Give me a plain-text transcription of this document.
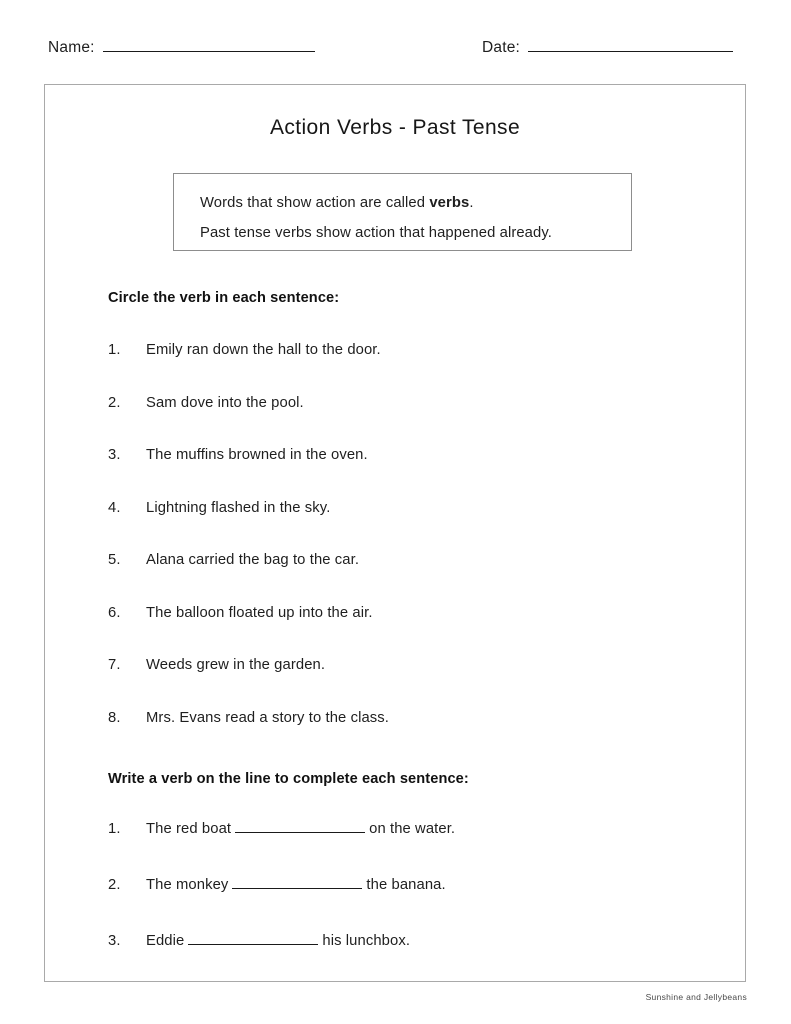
Name:	Date:
Action Verbs - Past Tense
Words that show action are called verbs.
Past tense verbs show action that happened already.
Circle the verb in each sentence:
1. Emily ran down the hall to the door.
2. Sam dove into the pool.
3. The muffins browned in the oven.
4. Lightning flashed in the sky.
5. Alana carried the bag to the car.
6. The balloon floated up into the air.
7. Weeds grew in the garden.
8. Mrs. Evans read a story to the class.
Write a verb on the line to complete each sentence:
1. The red boat	on the water.
2. The monkey	the banana.
3. Eddie	his lunchbox.
Sunshine and Jellybeans
